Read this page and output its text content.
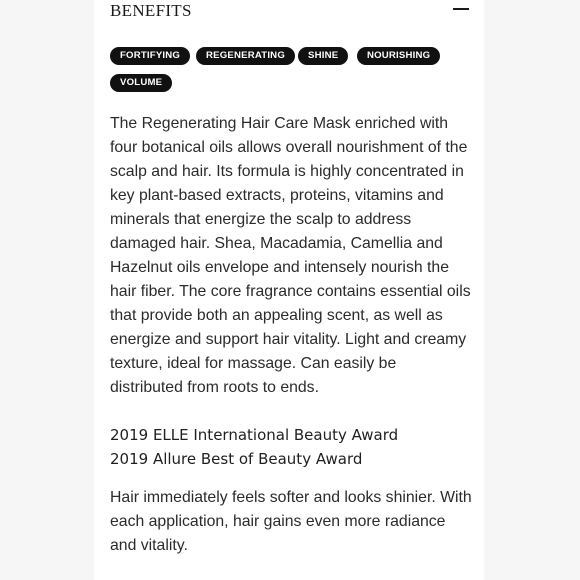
BENEFITS
FORTIFYING	REGENERATING	SHINE	NOURISHING
VOLUME

The Regenerating Hair Care Mask enriched with four botanical oils allows overall nourishment of the scalp and hair. Its formula is highly concentrated in key plant-based extracts, proteins, vitamins and minerals that energize the scalp to address damaged hair. Shea, Macadamia, Camellia and Hazelnut oils envelope and intensely nourish the hair fiber. The core fragrance contains essential oils that provide both an appealing scent, as well as energize and support hair vitality. Light and creamy texture, ideal for massage. Can easily be distributed from roots to ends.

2019 ELLE International Beauty Award
2019 Allure Best of Beauty Award

Hair immediately feels softer and looks shinier. With each application, hair gains even more radiance and vitality.
